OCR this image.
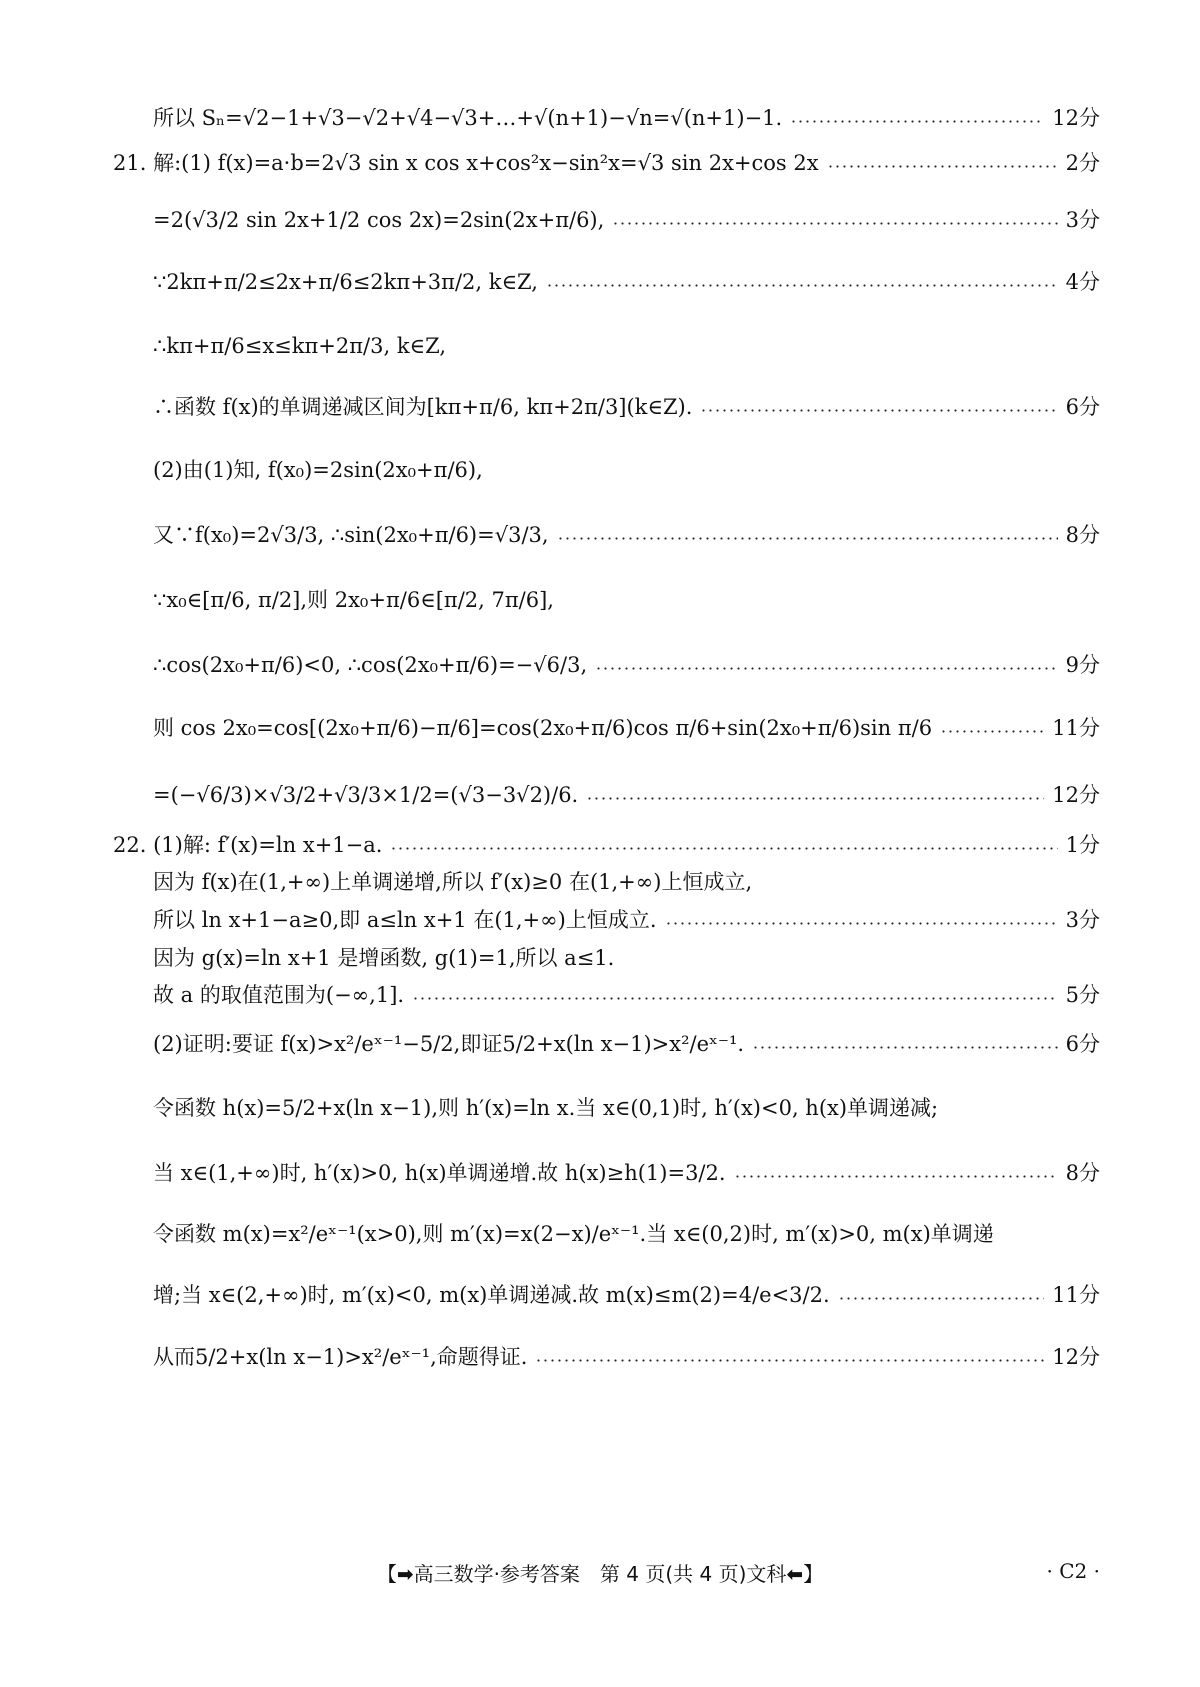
所以 Sₙ=√2−1+√3−√2+√4−√3+…+√(n+1)−√n=√(n+1)−1.	12分
21. 解:(1) f(x)=a·b=2√3 sin x cos x+cos²x−sin²x=√3 sin 2x+cos 2x	2分
=2(√3/2 sin 2x+1/2 cos 2x)=2sin(2x+π/6),	3分
∵2kπ+π/2≤2x+π/6≤2kπ+3π/2, k∈Z,	4分
∴kπ+π/6≤x≤kπ+2π/3, k∈Z,
∴函数 f(x)的单调递减区间为[kπ+π/6, kπ+2π/3](k∈Z).	6分
(2)由(1)知, f(x₀)=2sin(2x₀+π/6),
又∵f(x₀)=2√3/3, ∴sin(2x₀+π/6)=√3/3,	8分
∵x₀∈[π/6, π/2],则 2x₀+π/6∈[π/2, 7π/6],
∴cos(2x₀+π/6)<0, ∴cos(2x₀+π/6)=−√6/3,	9分
则 cos 2x₀=cos[(2x₀+π/6)−π/6]=cos(2x₀+π/6)cos π/6+sin(2x₀+π/6)sin π/6	11分
=(−√6/3)×√3/2+√3/3×1/2=(√3−3√2)/6.	12分
22. (1)解: f′(x)=ln x+1−a.	1分
因为 f(x)在(1,+∞)上单调递增,所以 f′(x)≥0 在(1,+∞)上恒成立,
所以 ln x+1−a≥0,即 a≤ln x+1 在(1,+∞)上恒成立.	3分
因为 g(x)=ln x+1 是增函数, g(1)=1,所以 a≤1.
故 a 的取值范围为(−∞,1].	5分
(2)证明:要证 f(x)>x²/eˣ⁻¹−5/2,即证5/2+x(ln x−1)>x²/eˣ⁻¹.	6分
令函数 h(x)=5/2+x(ln x−1),则 h′(x)=ln x.当 x∈(0,1)时, h′(x)<0, h(x)单调递减;
当 x∈(1,+∞)时, h′(x)>0, h(x)单调递增.故 h(x)≥h(1)=3/2.	8分
令函数 m(x)=x²/eˣ⁻¹(x>0),则 m′(x)=x(2−x)/eˣ⁻¹.当 x∈(0,2)时, m′(x)>0, m(x)单调递
增;当 x∈(2,+∞)时, m′(x)<0, m(x)单调递减.故 m(x)≤m(2)=4/e<3/2.	11分
从而5/2+x(ln x−1)>x²/eˣ⁻¹,命题得证.	12分
【➡高三数学·参考答案　第 4 页(共 4 页)文科⬅】	· C2 ·
